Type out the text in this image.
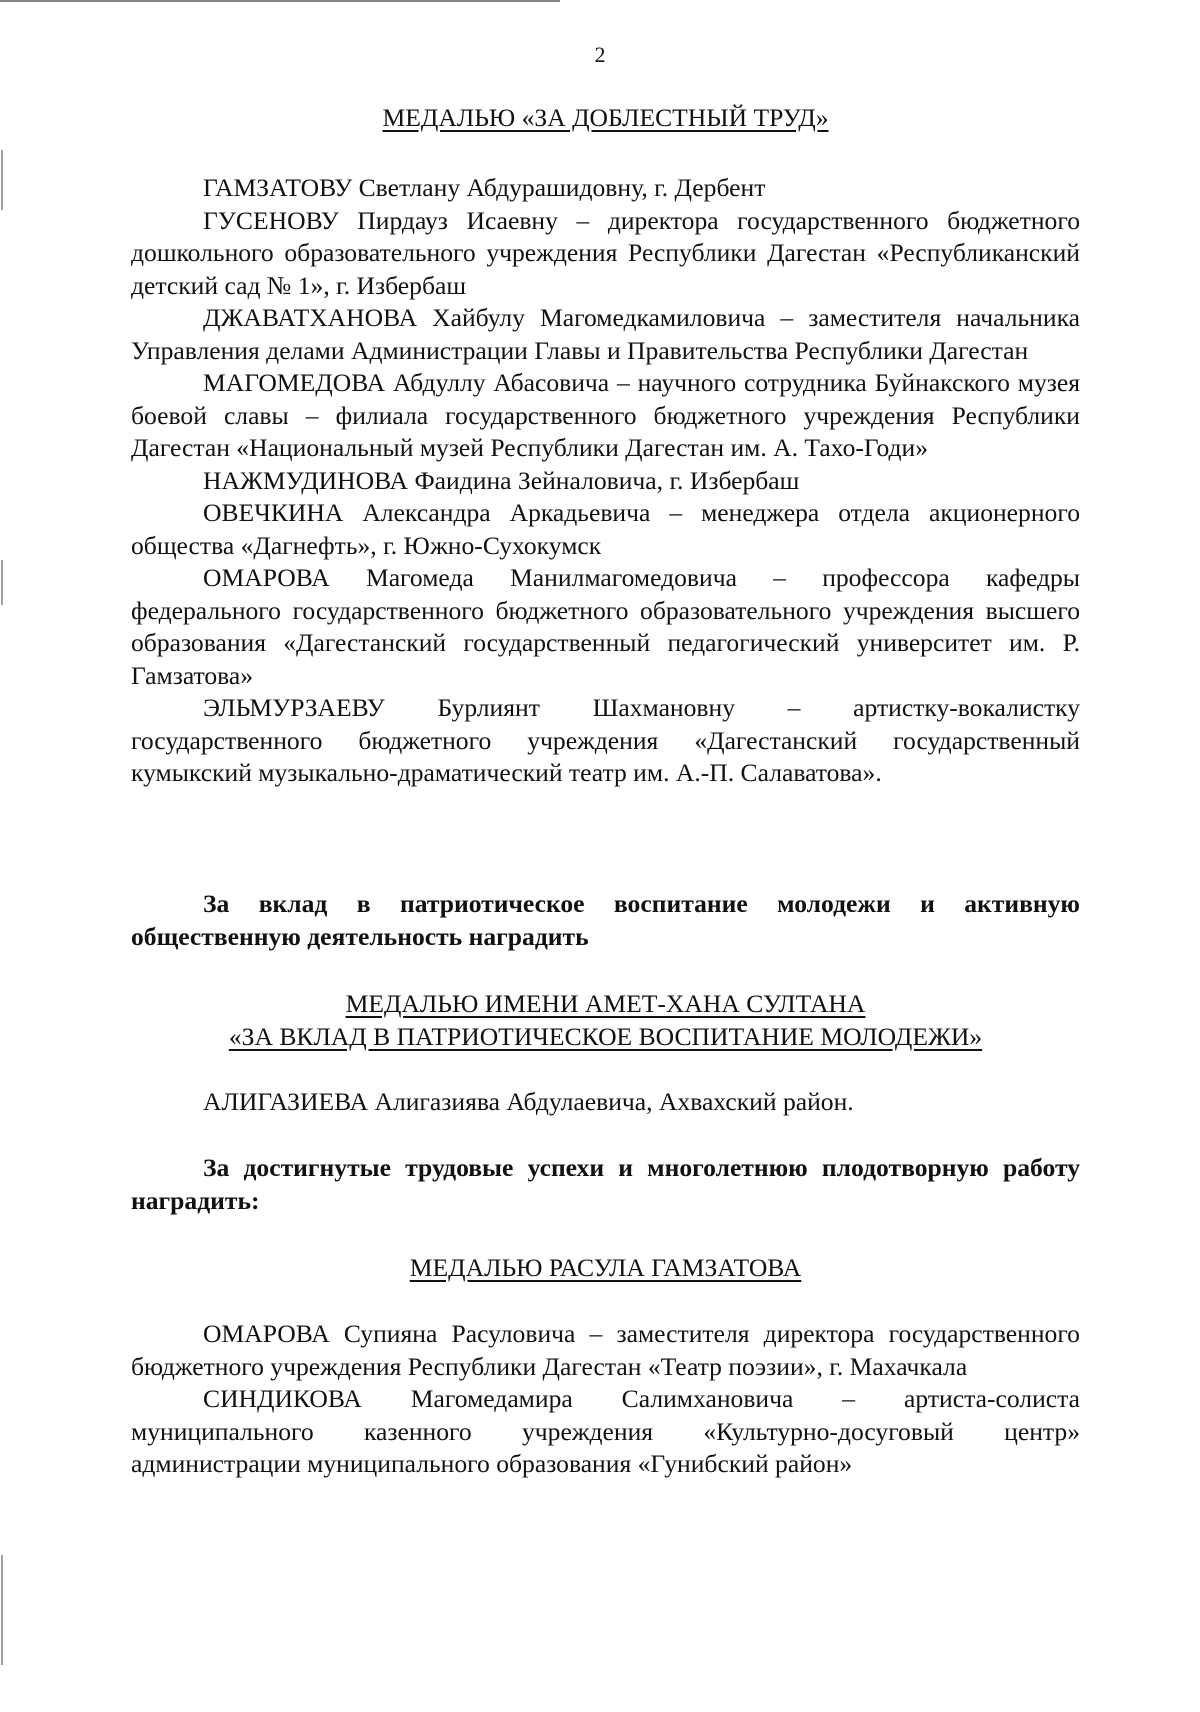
2

МЕДАЛЬЮ «ЗА ДОБЛЕСТНЫЙ ТРУД»

ГАМЗАТОВУ Светлану Абдурашидовну, г. Дербент

ГУСЕНОВУ Пирдауз Исаевну – директора государственного бюджетного дошкольного образовательного учреждения Республики Дагестан «Республиканский детский сад № 1», г. Избербаш

ДЖАВАТХАНОВА Хайбулу Магомедкамиловича – заместителя начальника Управления делами Администрации Главы и Правительства Республики Дагестан

МАГОМЕДОВА Абдуллу Абасовича – научного сотрудника Буйнакского музея боевой славы – филиала государственного бюджетного учреждения Республики Дагестан «Национальный музей Республики Дагестан им. А. Тахо-Годи»

НАЖМУДИНОВА Фаидина Зейналовича, г. Избербаш

ОВЕЧКИНА Александра Аркадьевича – менеджера отдела акционерного общества «Дагнефть», г. Южно-Сухокумск

ОМАРОВА Магомеда Манилмагомедовича – профессора кафедры федерального государственного бюджетного образовательного учреждения высшего образования «Дагестанский государственный педагогический университет им. Р. Гамзатова»

ЭЛЬМУРЗАЕВУ Бурлиянт Шахмановну – артистку-вокалистку государственного бюджетного учреждения «Дагестанский государственный кумыкский музыкально-драматический театр им. А.-П. Салаватова».

За вклад в патриотическое воспитание молодежи и активную общественную деятельность наградить

МЕДАЛЬЮ ИМЕНИ АМЕТ-ХАНА СУЛТАНА

«ЗА ВКЛАД В ПАТРИОТИЧЕСКОЕ ВОСПИТАНИЕ МОЛОДЕЖИ»

АЛИГАЗИЕВА Алигазиява Абдулаевича, Ахвахский район.

За достигнутые трудовые успехи и многолетнюю плодотворную работу наградить:

МЕДАЛЬЮ РАСУЛА ГАМЗАТОВА

ОМАРОВА Супияна Расуловича – заместителя директора государственного бюджетного учреждения Республики Дагестан «Театр поэзии», г. Махачкала

СИНДИКОВА Магомедамира Салимхановича – артиста-солиста муниципального казенного учреждения «Культурно-досуговый центр» администрации муниципального образования «Гунибский район»
